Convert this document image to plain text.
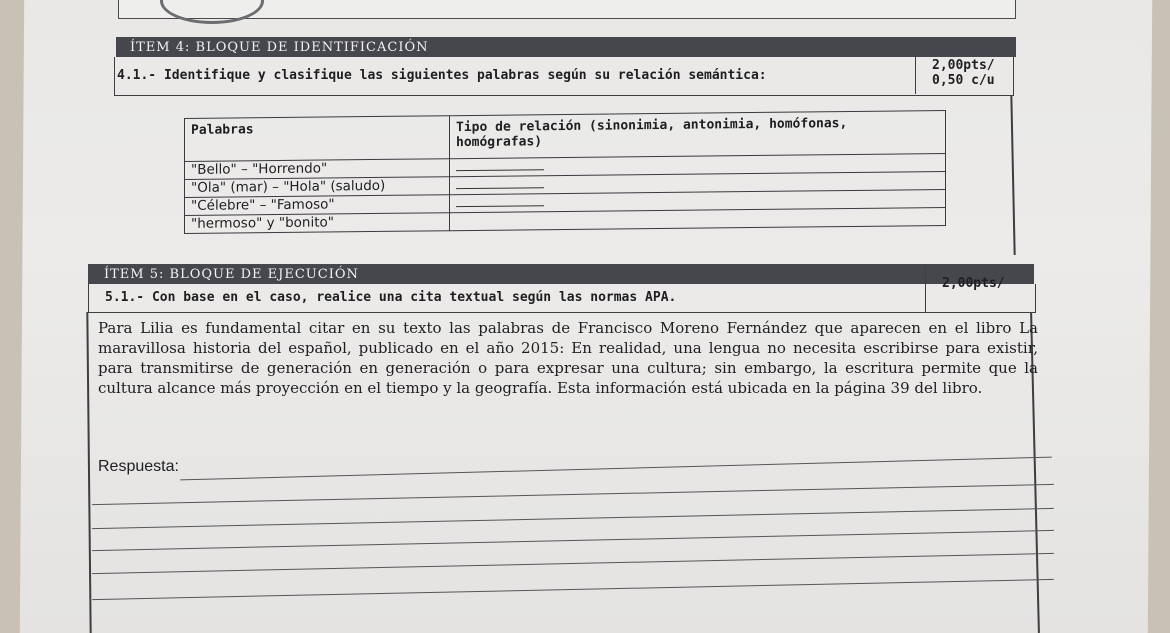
ÍTEM 4: BLOQUE DE IDENTIFICACIÓN
4.1.- Identifique y clasifique las siguientes palabras según su relación semántica:
2,00pts/
0,50 c/u
Palabras	Tipo de relación (sinonimia, antonimia, homófonas, homógrafas)
"Bello" – "Horrendo"	
"Ola" (mar) – "Hola" (saludo)	
"Célebre" – "Famoso"	
"hermoso" y "bonito"	
ÍTEM 5: BLOQUE DE EJECUCIÓN
5.1.- Con base en el caso, realice una cita textual según las normas APA.
2,00pts/
Para Lilia es fundamental citar en su texto las palabras de Francisco Moreno Fernández que aparecen en el libro La maravillosa historia del español, publicado en el año 2015: En realidad, una lengua no necesita escribirse para existir, para transmitirse de generación en generación o para expresar una cultura; sin embargo, la escritura permite que la cultura alcance más proyección en el tiempo y la geografía. Esta información está ubicada en la página 39 del libro.
Respuesta:
